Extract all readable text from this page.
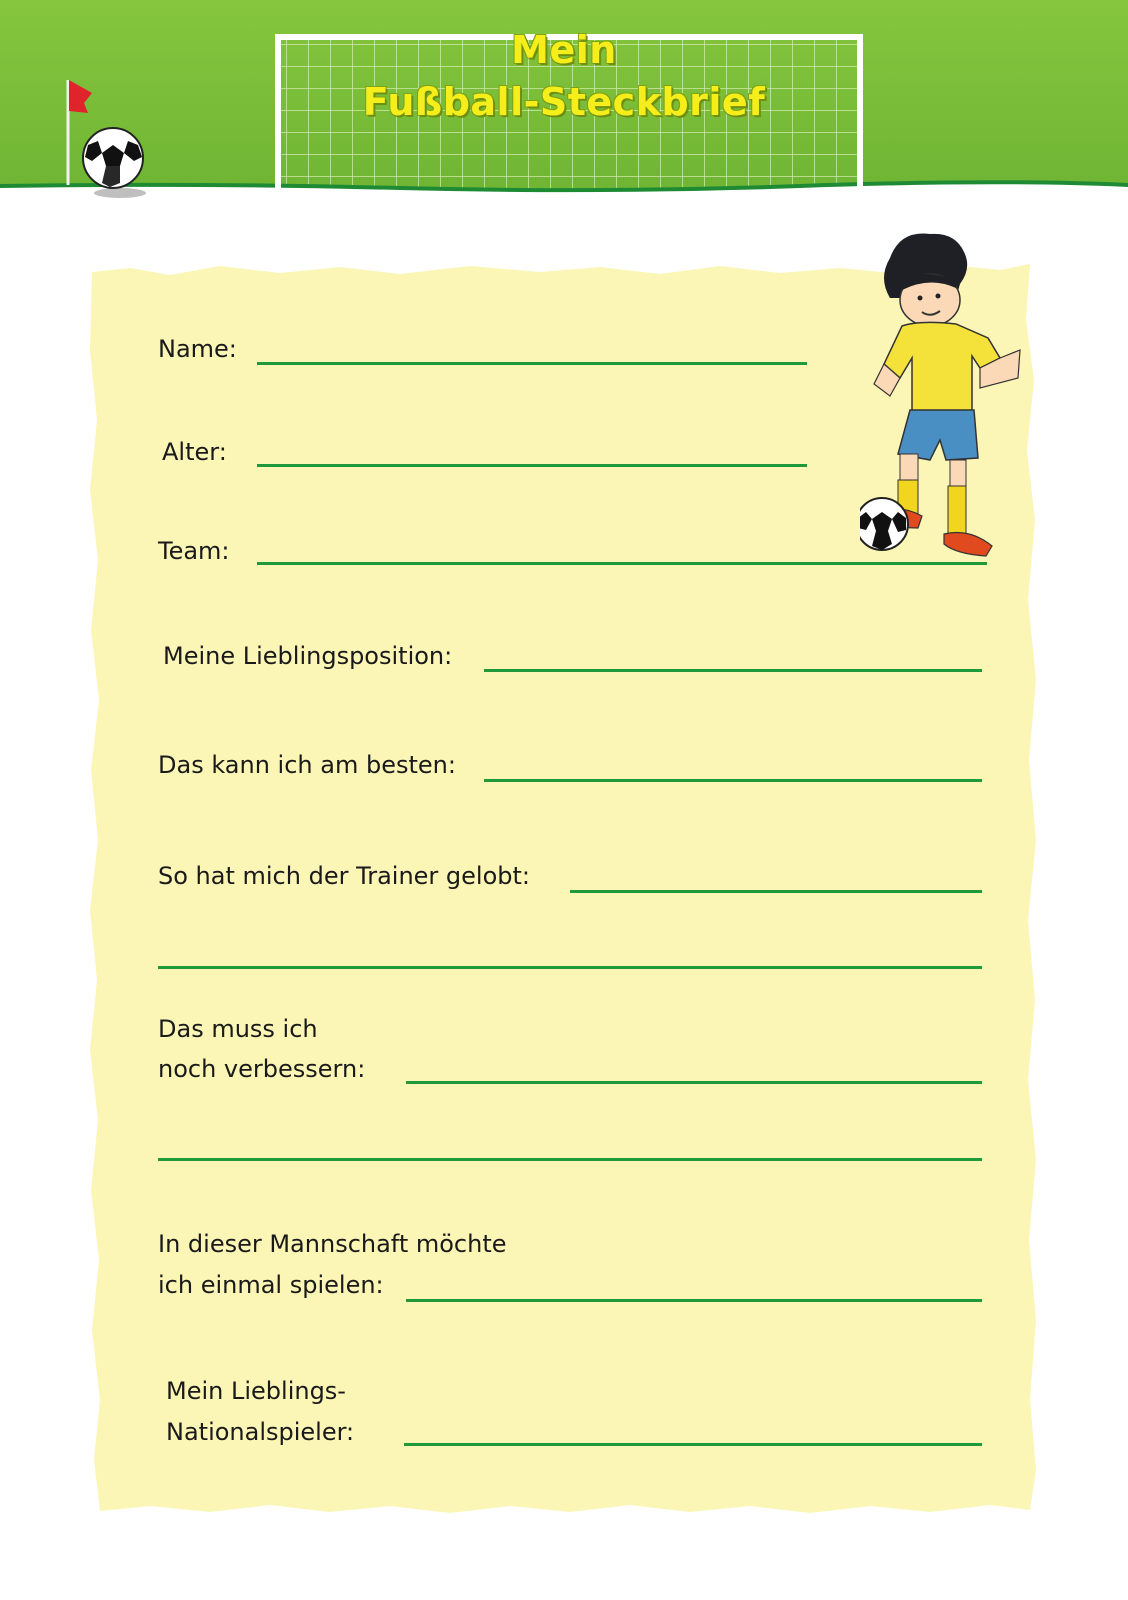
Mein
Fußball-Steckbrief
Name:
Alter:
Team:
Meine Lieblingsposition:
Das kann ich am besten:
So hat mich der Trainer gelobt:
Das muss ich
noch verbessern:
In dieser Mannschaft möchte
ich einmal spielen:
Mein Lieblings-
Nationalspieler:
